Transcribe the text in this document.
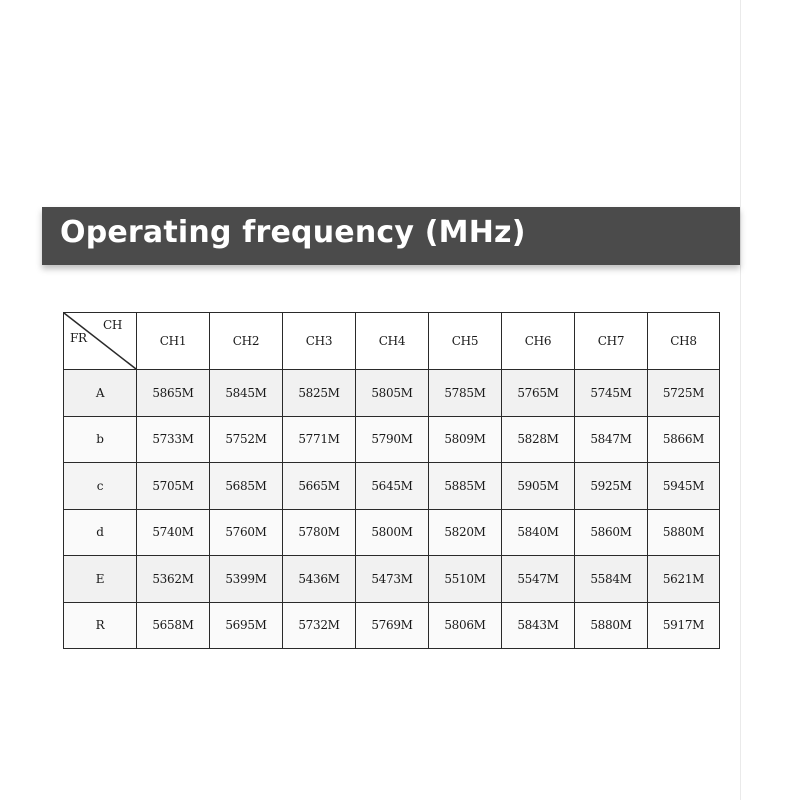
Operating frequency (MHz)
CH
FR	CH1	CH2	CH3	CH4	CH5	CH6	CH7	CH8
A	5865M	5845M	5825M	5805M	5785M	5765M	5745M	5725M
b	5733M	5752M	5771M	5790M	5809M	5828M	5847M	5866M
c	5705M	5685M	5665M	5645M	5885M	5905M	5925M	5945M
d	5740M	5760M	5780M	5800M	5820M	5840M	5860M	5880M
E	5362M	5399M	5436M	5473M	5510M	5547M	5584M	5621M
R	5658M	5695M	5732M	5769M	5806M	5843M	5880M	5917M
